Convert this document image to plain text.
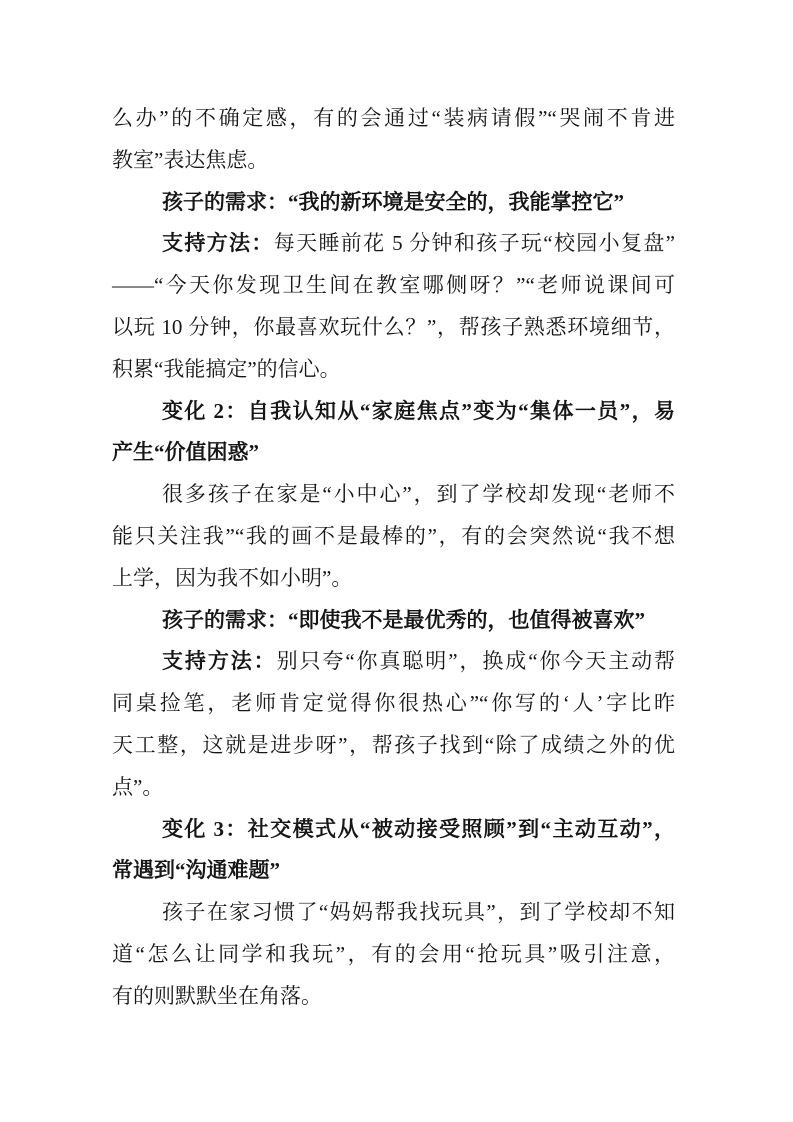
么办”的不确定感，有的会通过“装病请假”“哭闹不肯进
教室”表达焦虑。
孩子的需求：“我的新环境是安全的，我能掌控它”
支持方法：每天睡前花 5 分钟和孩子玩“校园小复盘”
——“今天你发现卫生间在教室哪侧呀？”“老师说课间可
以玩 10 分钟，你最喜欢玩什么？”，帮孩子熟悉环境细节，
积累“我能搞定”的信心。
变化 2：自我认知从“家庭焦点”变为“集体一员”，易
产生“价值困惑”
很多孩子在家是“小中心”，到了学校却发现“老师不
能只关注我”“我的画不是最棒的”，有的会突然说“我不想
上学，因为我不如小明”。
孩子的需求：“即使我不是最优秀的，也值得被喜欢”
支持方法：别只夸“你真聪明”，换成“你今天主动帮
同桌捡笔，老师肯定觉得你很热心”“你写的‘人’字比昨
天工整，这就是进步呀”，帮孩子找到“除了成绩之外的优
点”。
变化 3：社交模式从“被动接受照顾”到“主动互动”，
常遇到“沟通难题”
孩子在家习惯了“妈妈帮我找玩具”，到了学校却不知
道“怎么让同学和我玩”，有的会用“抢玩具”吸引注意，
有的则默默坐在角落。
